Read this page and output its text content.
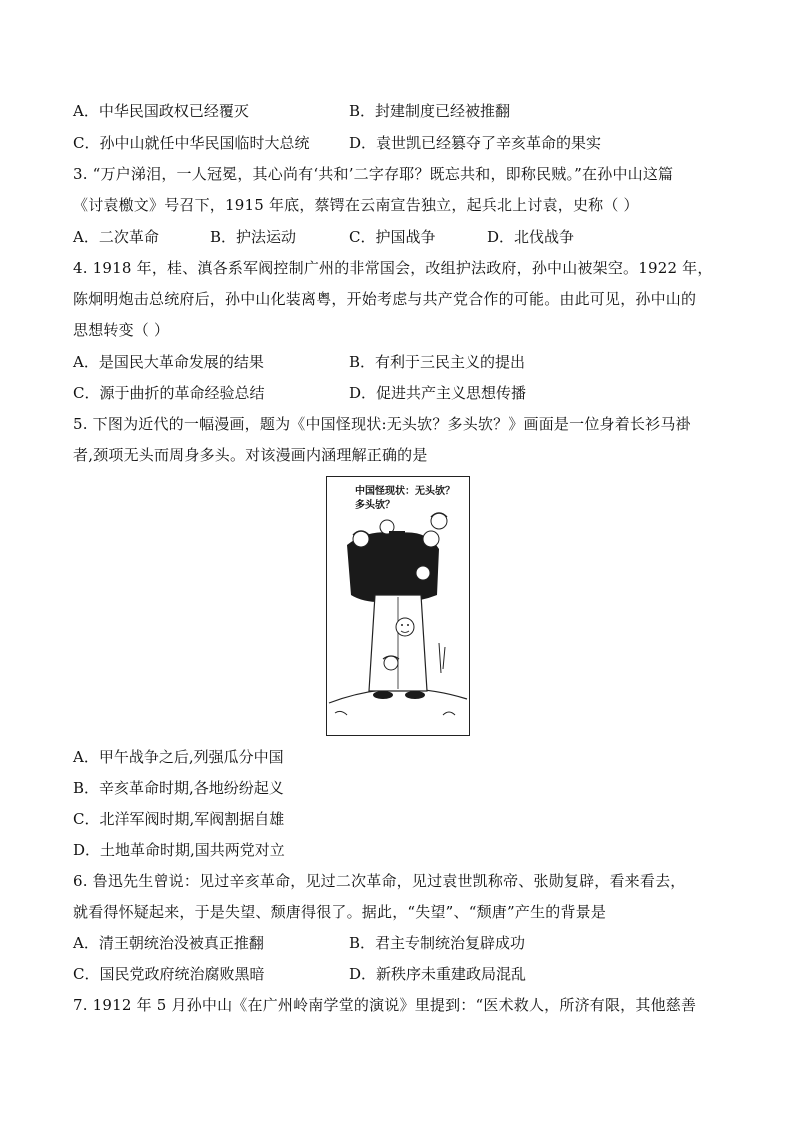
A．中华民国政权已经覆灭	B．封建制度已经被推翻
C．孙中山就任中华民国临时大总统	D．袁世凯已经篡夺了辛亥革命的果实
3. “万户涕泪，一人冠冕，其心尚有‘共和’二字存耶？既忘共和，即称民贼。”在孙中山这篇
《讨袁檄文》号召下，1915 年底，蔡锷在云南宣告独立，起兵北上讨袁，史称（ ）
A．二次革命	B．护法运动	C．护国战争	D．北伐战争
4. 1918 年，桂、滇各系军阀控制广州的非常国会，改组护法政府，孙中山被架空。1922 年，
陈炯明炮击总统府后，孙中山化装离粤，开始考虑与共产党合作的可能。由此可见，孙中山的
思想转变（ ）
A．是国民大革命发展的结果	B．有利于三民主义的提出
C．源于曲折的革命经验总结	D．促进共产主义思想传播
5. 下图为近代的一幅漫画，题为《中国怪现状:无头欤？多头欤？》画面是一位身着长衫马褂
者,颈项无头而周身多头。对该漫画内涵理解正确的是
中国怪现状：无头欤？多头欤？
A．甲午战争之后,列强瓜分中国
B．辛亥革命时期,各地纷纷起义
C．北洋军阀时期,军阀割据自雄
D．土地革命时期,国共两党对立
6. 鲁迅先生曾说：见过辛亥革命，见过二次革命，见过袁世凯称帝、张勋复辟，看来看去，
就看得怀疑起来，于是失望、颓唐得很了。据此，“失望”、“颓唐”产生的背景是
A．清王朝统治没被真正推翻	B．君主专制统治复辟成功
C．国民党政府统治腐败黑暗	D．新秩序未重建政局混乱
7. 1912 年 5 月孙中山《在广州岭南学堂的演说》里提到：“医术救人，所济有限，其他慈善
